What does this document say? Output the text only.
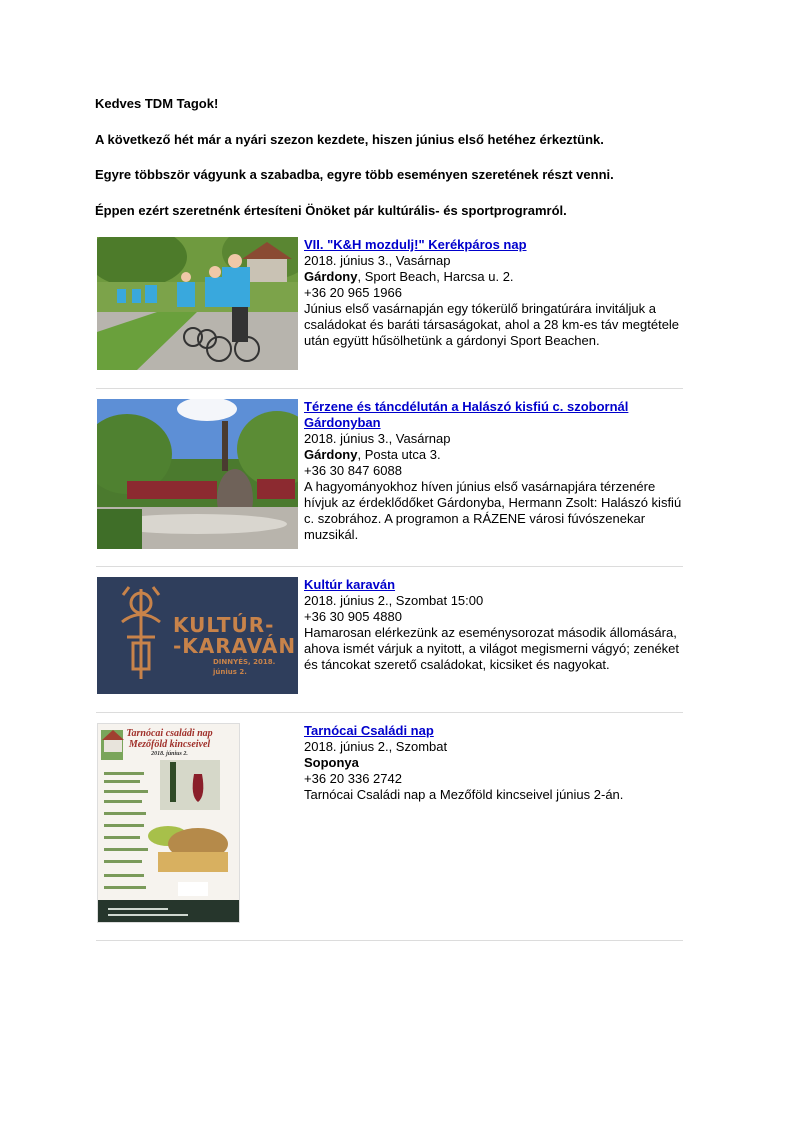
Kedves TDM Tagok!

A következő hét már a nyári szezon kezdete, hiszen június első hetéhez érkeztünk.

Egyre többször vágyunk a szabadba, egyre több eseményen szeretének részt venni.

Éppen ezért szeretnénk értesíteni Önöket pár kultúrális- és sportprogramról.

VII. "K&H mozdulj!" Kerékpáros nap
2018. június 3., Vasárnap
Gárdony, Sport Beach, Harcsa u. 2.
+36 20 965 1966
Június első vasárnapján egy tókerülő bringatúrára invitáljuk a családokat és baráti társaságokat, ahol a 28 km-es táv megtétele után együtt hűsölhetünk a gárdonyi Sport Beachen.
Térzene és táncdélután a Halászó kisfiú c. szobornál Gárdonyban
2018. június 3., Vasárnap
Gárdony, Posta utca 3.
+36 30 847 6088
A hagyományokhoz híven június első vasárnapjára térzenére hívjuk az érdeklődőket Gárdonyba, Hermann Zsolt: Halászó kisfiú c. szobrához. A programon a RÁZENE városi fúvószenekar muzsikál.
KULTÚR-
-KARAVÁN
DINNYÉS, 2018. június 2.
Kultúr karaván
2018. június 2., Szombat 15:00
+36 30 905 4880
Hamarosan elérkezünk az eseménysorozat második állomására, ahova ismét várjuk a nyitott, a világot megismerni vágyó; zenéket és táncokat szerető családokat, kicsiket és nagyokat.
Tarnócai családi nap
Mezőföld kincseivel
2018. június 2.
Tarnócai Családi nap
2018. június 2., Szombat
Soponya
+36 20 336 2742
Tarnócai Családi nap a Mezőföld kincseivel június 2-án.
